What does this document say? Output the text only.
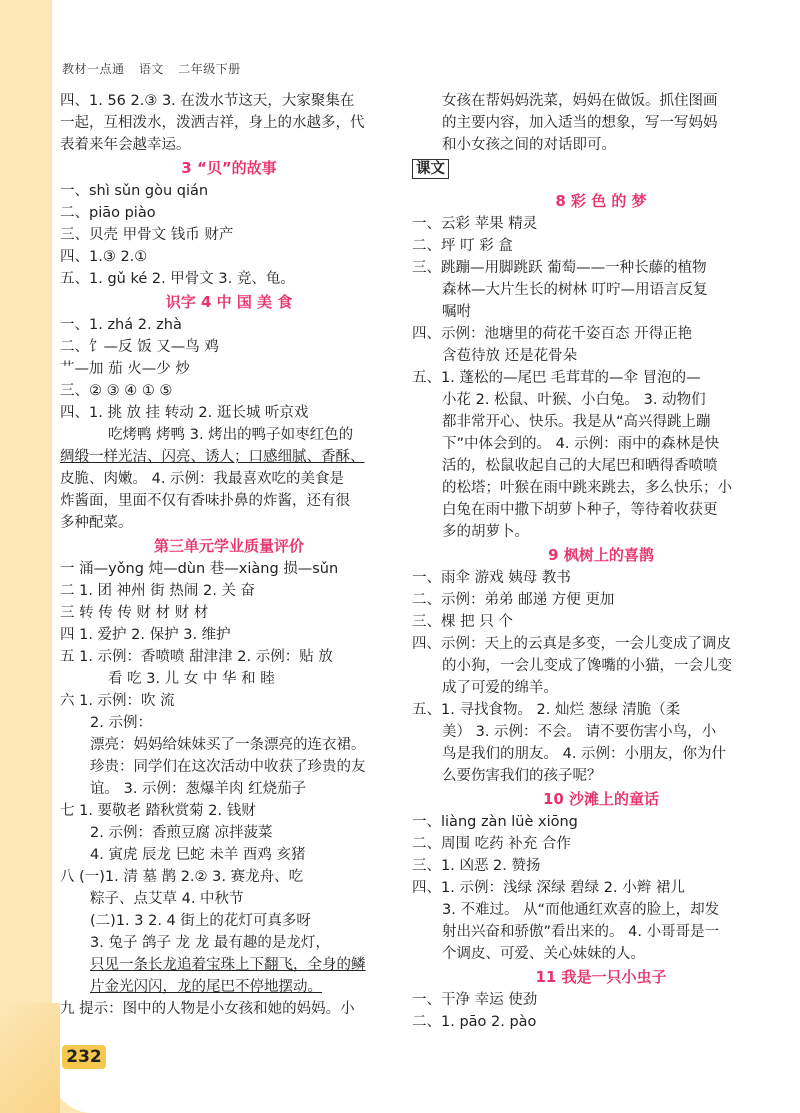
教材一点通 语文 二年级下册
四、1. 56 2.③ 3. 在泼水节这天，大家聚集在
一起，互相泼水，泼洒吉祥，身上的水越多，代
表着来年会越幸运。
3 “贝”的故事
一、shì sǔn gòu qián
二、piāo piào
三、贝壳 甲骨文 钱币 财产
四、1.③ 2.①
五、1. gǔ ké 2. 甲骨文 3. 竞、龟。
识字 4 中 国 美 食
一、1. zhá 2. zhà
二、饣—反 饭 又—鸟 鸡
艹—加 茄 火—少 炒
三、② ③ ④ ① ⑤
四、1. 挑 放 挂 转动 2. 逛长城 听京戏
吃烤鸭 烤鸭 3. 烤出的鸭子如枣红色的
绸缎一样光洁、闪亮、诱人；口感细腻、香酥、
皮脆、肉嫩。 4. 示例：我最喜欢吃的美食是
炸酱面，里面不仅有香味扑鼻的炸酱，还有很
多种配菜。
第三单元学业质量评价
一 涌—yǒng 炖—dùn 巷—xiàng 损—sǔn
二 1. 团 神州 街 热闹 2. 关 奋
三 转 传 传 财 材 财 材
四 1. 爱护 2. 保护 3. 维护
五 1. 示例：香喷喷 甜津津 2. 示例：贴 放
看 吃 3. 儿 女 中 华 和 睦
六 1. 示例：吹 流
2. 示例：
漂亮：妈妈给妹妹买了一条漂亮的连衣裙。
珍贵：同学们在这次活动中收获了珍贵的友
谊。 3. 示例：葱爆羊肉 红烧茄子
七 1. 要敬老 踏秋赏菊 2. 钱财
2. 示例：香煎豆腐 凉拌菠菜
4. 寅虎 辰龙 巳蛇 未羊 酉鸡 亥猪
八 (一)1. 清 墓 鹊 2.② 3. 赛龙舟、吃
粽子、点艾草 4. 中秋节
(二)1. 3 2. 4 街上的花灯可真多呀
3. 兔子 鸽子 龙 龙 最有趣的是龙灯，
只见一条长龙追着宝珠上下翻飞，全身的鳞
片金光闪闪，龙的尾巴不停地摆动。
九 提示：图中的人物是小女孩和她的妈妈。小
女孩在帮妈妈洗菜，妈妈在做饭。抓住图画
的主要内容，加入适当的想象，写一写妈妈
和小女孩之间的对话即可。
课文
8 彩 色 的 梦
一、云彩 苹果 精灵
二、坪 叮 彩 盒
三、跳蹦—用脚跳跃 葡萄——一种长藤的植物
森林—大片生长的树林 叮咛—用语言反复
嘱咐
四、示例：池塘里的荷花千姿百态 开得正艳
含苞待放 还是花骨朵
五、1. 蓬松的—尾巴 毛茸茸的—伞 冒泡的—
小花 2. 松鼠、叶猴、小白兔。 3. 动物们
都非常开心、快乐。我是从“高兴得跳上蹦
下”中体会到的。 4. 示例：雨中的森林是快
活的，松鼠收起自己的大尾巴和晒得香喷喷
的松塔；叶猴在雨中跳来跳去，多么快乐；小
白兔在雨中撒下胡萝卜种子，等待着收获更
多的胡萝卜。
9 枫树上的喜鹊
一、雨伞 游戏 姨母 教书
二、示例：弟弟 邮递 方便 更加
三、棵 把 只 个
四、示例：天上的云真是多变，一会儿变成了调皮
的小狗，一会儿变成了馋嘴的小猫，一会儿变
成了可爱的绵羊。
五、1. 寻找食物。 2. 灿烂 葱绿 清脆（柔
美） 3. 示例：不会。 请不要伤害小鸟，小
鸟是我们的朋友。 4. 示例：小朋友，你为什
么要伤害我们的孩子呢？
10 沙滩上的童话
一、liàng zàn lüè xiōng
二、周围 吃药 补充 合作
三、1. 凶恶 2. 赞扬
四、1. 示例：浅绿 深绿 碧绿 2. 小辫 裙儿
3. 不难过。 从“而他通红欢喜的脸上，却发
射出兴奋和骄傲”看出来的。 4. 小哥哥是一
个调皮、可爱、关心妹妹的人。
11 我是一只小虫子
一、干净 幸运 使劲
二、1. pāo 2. pào
232
